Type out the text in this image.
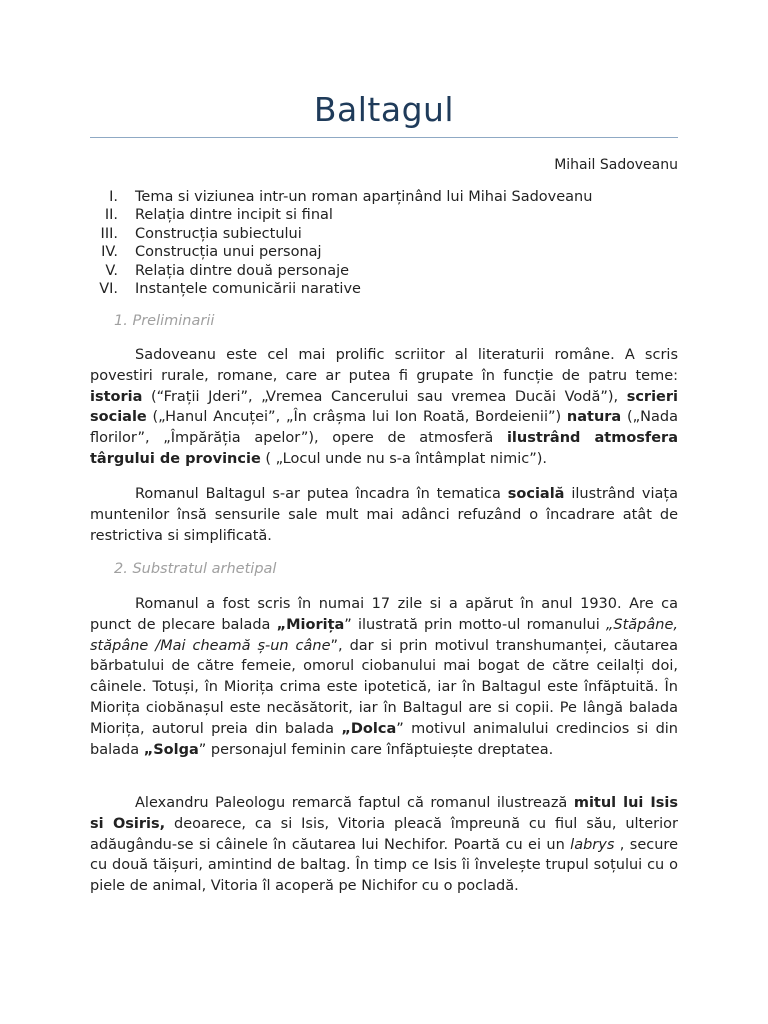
Baltagul
Mihail Sadoveanu
I.	Tema si viziunea intr-un roman aparținând lui Mihai Sadoveanu
II.	Relația dintre incipit si final
III.	Construcția subiectului
IV.	Construcția unui personaj
V.	Relația dintre două personaje
VI.	Instanțele comunicării narative
1. Preliminarii

Sadoveanu este cel mai prolific scriitor al literaturii române. A scris povestiri rurale, romane, care ar putea fi grupate în funcție de patru teme: istoria (“Frații Jderi”, „Vremea Cancerului sau vremea Ducăi Vodă”), scrieri sociale („Hanul Ancuței”, „În crâșma lui Ion Roată, Bordeienii”) natura („Nada florilor”, „Împărăția apelor”), opere de atmosferă ilustrând atmosfera târgului de provincie ( „Locul unde nu s-a întâmplat nimic”).

Romanul Baltagul s-ar putea încadra în tematica socială ilustrând viața muntenilor însă sensurile sale mult mai adânci refuzând o încadrare atât de restrictiva si simplificată.

2. Substratul arhetipal

Romanul a fost scris în numai 17 zile si a apărut în anul 1930. Are ca punct de plecare balada „Miorița” ilustrată prin motto-ul romanului „Stăpâne, stăpâne /Mai cheamă ș-un câne”, dar si prin motivul transhumanței, căutarea bărbatului de către femeie, omorul ciobanului mai bogat de către ceilalți doi, câinele. Totuși, în Miorița crima este ipotetică, iar în Baltagul este înfăptuită. În Miorița ciobănașul este necăsătorit, iar în Baltagul are si copii. Pe lângă balada Miorița, autorul preia din balada „Dolca” motivul animalului credincios si din balada „Solga” personajul feminin care înfăptuiește dreptatea.

Alexandru Paleologu remarcă faptul că romanul ilustrează mitul lui Isis si Osiris, deoarece, ca si Isis, Vitoria pleacă împreună cu fiul său, ulterior adăugându-se si câinele în căutarea lui Nechifor. Poartă cu ei un labrys , secure cu două tăișuri, amintind de baltag. În timp ce Isis îi învelește trupul soțului cu o piele de animal, Vitoria îl acoperă pe Nichifor cu o pocladă.
